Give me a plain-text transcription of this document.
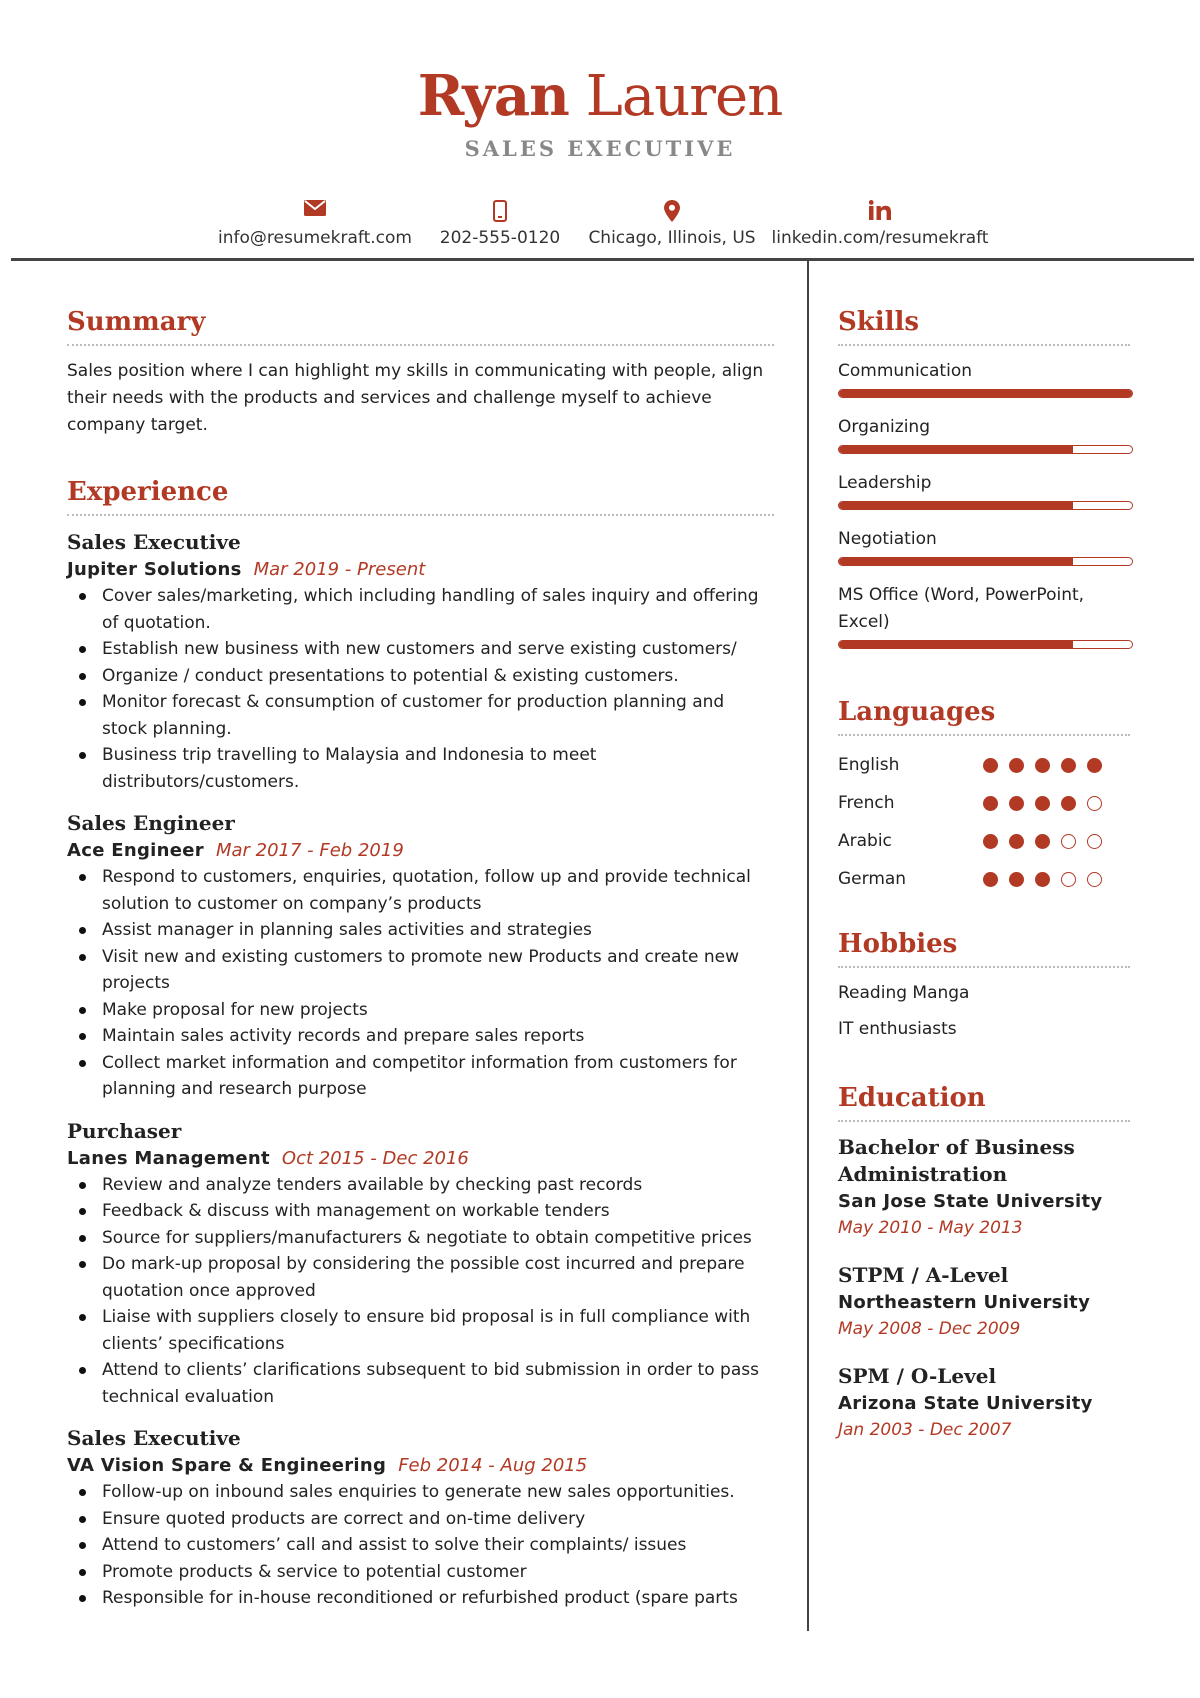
Ryan Lauren
SALES EXECUTIVE
info@resumekraft.com	202-555-0120	Chicago, Illinois, US linkedin.com/resumekraft
Summary

Sales position where I can highlight my skills in communicating with people, align their needs with the products and services and challenge myself to achieve company target.

Experience

Sales Executive

Jupiter Solutions Mar 2019 - Present

Cover sales/marketing, which including handling of sales inquiry and offering of quotation.
Establish new business with new customers and serve existing customers/
Organize / conduct presentations to potential & existing customers.
Monitor forecast & consumption of customer for production planning and stock planning.
Business trip travelling to Malaysia and Indonesia to meet distributors/customers.

Sales Engineer

Ace Engineer Mar 2017 - Feb 2019

Respond to customers, enquiries, quotation, follow up and provide technical solution to customer on company’s products
Assist manager in planning sales activities and strategies
Visit new and existing customers to promote new Products and create new projects
Make proposal for new projects
Maintain sales activity records and prepare sales reports
Collect market information and competitor information from customers for planning and research purpose

Purchaser

Lanes Management Oct 2015 - Dec 2016

Review and analyze tenders available by checking past records
Feedback & discuss with management on workable tenders
Source for suppliers/manufacturers & negotiate to obtain competitive prices
Do mark-up proposal by considering the possible cost incurred and prepare quotation once approved
Liaise with suppliers closely to ensure bid proposal is in full compliance with clients’ specifications
Attend to clients’ clarifications subsequent to bid submission in order to pass technical evaluation

Sales Executive

VA Vision Spare & Engineering Feb 2014 - Aug 2015

Follow-up on inbound sales enquiries to generate new sales opportunities.
Ensure quoted products are correct and on-time delivery
Attend to customers’ call and assist to solve their complaints/ issues
Promote products & service to potential customer
Responsible for in-house reconditioned or refurbished product (spare parts
Skills

Communication

Organizing

Leadership

Negotiation

MS Office (Word, PowerPoint, Excel)

Languages
English
French
Arabic
German
Hobbies

Reading Manga

IT enthusiasts

Education

Bachelor of Business Administration

San Jose State University

May 2010 - May 2013

STPM / A-Level

Northeastern University

May 2008 - Dec 2009

SPM / O-Level

Arizona State University

Jan 2003 - Dec 2007
